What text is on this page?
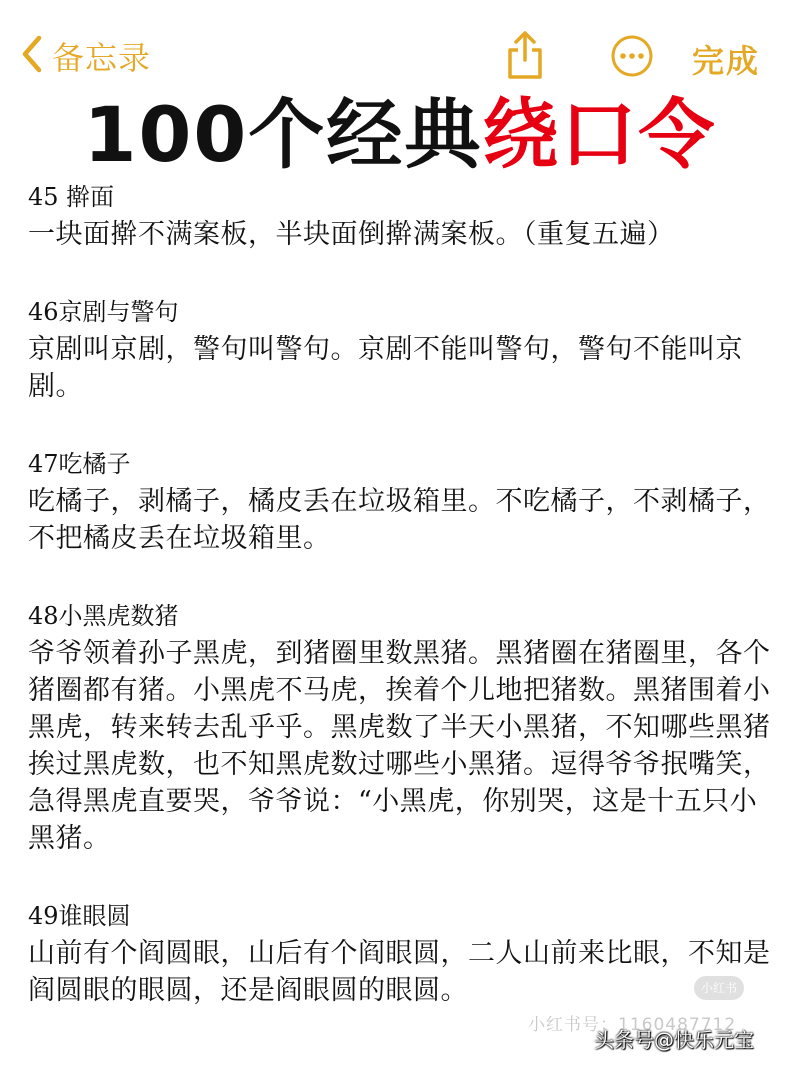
备忘录	完成
100个经典绕口令
45 擀面
一块面擀不满案板，半块面倒擀满案板。（重复五遍）
46京剧与警句
京剧叫京剧，警句叫警句。京剧不能叫警句，警句不能叫京剧。
47吃橘子
吃橘子，剥橘子，橘皮丢在垃圾箱里。不吃橘子，不剥橘子，不把橘皮丢在垃圾箱里。
48小黑虎数猪
爷爷领着孙子黑虎，到猪圈里数黑猪。黑猪圈在猪圈里，各个猪圈都有猪。小黑虎不马虎，挨着个儿地把猪数。黑猪围着小黑虎，转来转去乱乎乎。黑虎数了半天小黑猪，不知哪些黑猪挨过黑虎数，也不知黑虎数过哪些小黑猪。逗得爷爷抿嘴笑，急得黑虎直要哭，爷爷说：“小黑虎，你别哭，这是十五只小黑猪。
49谁眼圆
山前有个阎圆眼，山后有个阎眼圆，二人山前来比眼，不知是阎圆眼的眼圆，还是阎眼圆的眼圆。	小红书
小红书号：1160487712
头条号@快乐元宝
